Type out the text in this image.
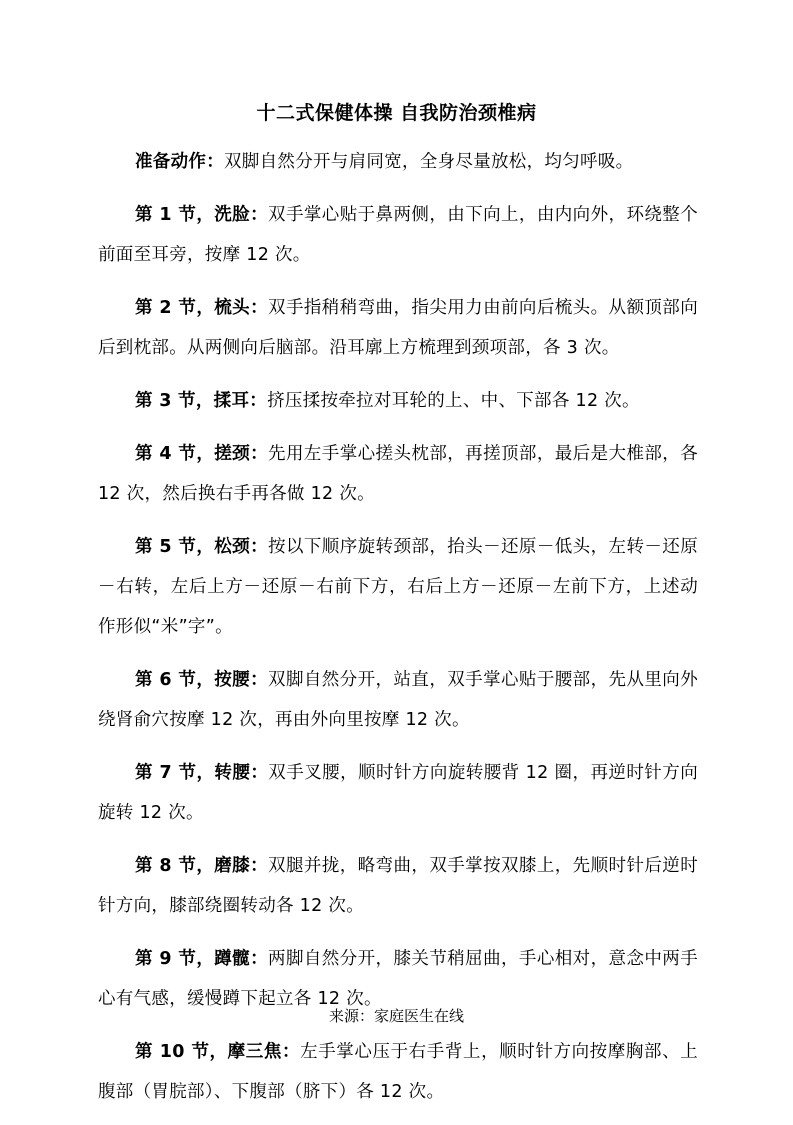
十二式保健体操 自我防治颈椎病

准备动作：双脚自然分开与肩同宽，全身尽量放松，均匀呼吸。

第 1 节，洗脸：双手掌心贴于鼻两侧，由下向上，由内向外，环绕整个前面至耳旁，按摩 12 次。

第 2 节，梳头：双手指稍稍弯曲，指尖用力由前向后梳头。从额顶部向后到枕部。从两侧向后脑部。沿耳廓上方梳理到颈项部，各 3 次。

第 3 节，揉耳：挤压揉按牵拉对耳轮的上、中、下部各 12 次。

第 4 节，搓颈：先用左手掌心搓头枕部，再搓顶部，最后是大椎部，各 12 次，然后换右手再各做 12 次。

第 5 节，松颈：按以下顺序旋转颈部，抬头－还原－低头，左转－还原－右转，左后上方－还原－右前下方，右后上方－还原－左前下方，上述动作形似“米”字”。

第 6 节，按腰：双脚自然分开，站直，双手掌心贴于腰部，先从里向外绕肾俞穴按摩 12 次，再由外向里按摩 12 次。

第 7 节，转腰：双手叉腰，顺时针方向旋转腰背 12 圈，再逆时针方向旋转 12 次。

第 8 节，磨膝：双腿并拢，略弯曲，双手掌按双膝上，先顺时针后逆时针方向，膝部绕圈转动各 12 次。

第 9 节，蹲髋：两脚自然分开，膝关节稍屈曲，手心相对，意念中两手心有气感，缓慢蹲下起立各 12 次。

第 10 节，摩三焦：左手掌心压于右手背上，顺时针方向按摩胸部、上腹部（胃脘部）、下腹部（脐下）各 12 次。

来源：家庭医生在线
